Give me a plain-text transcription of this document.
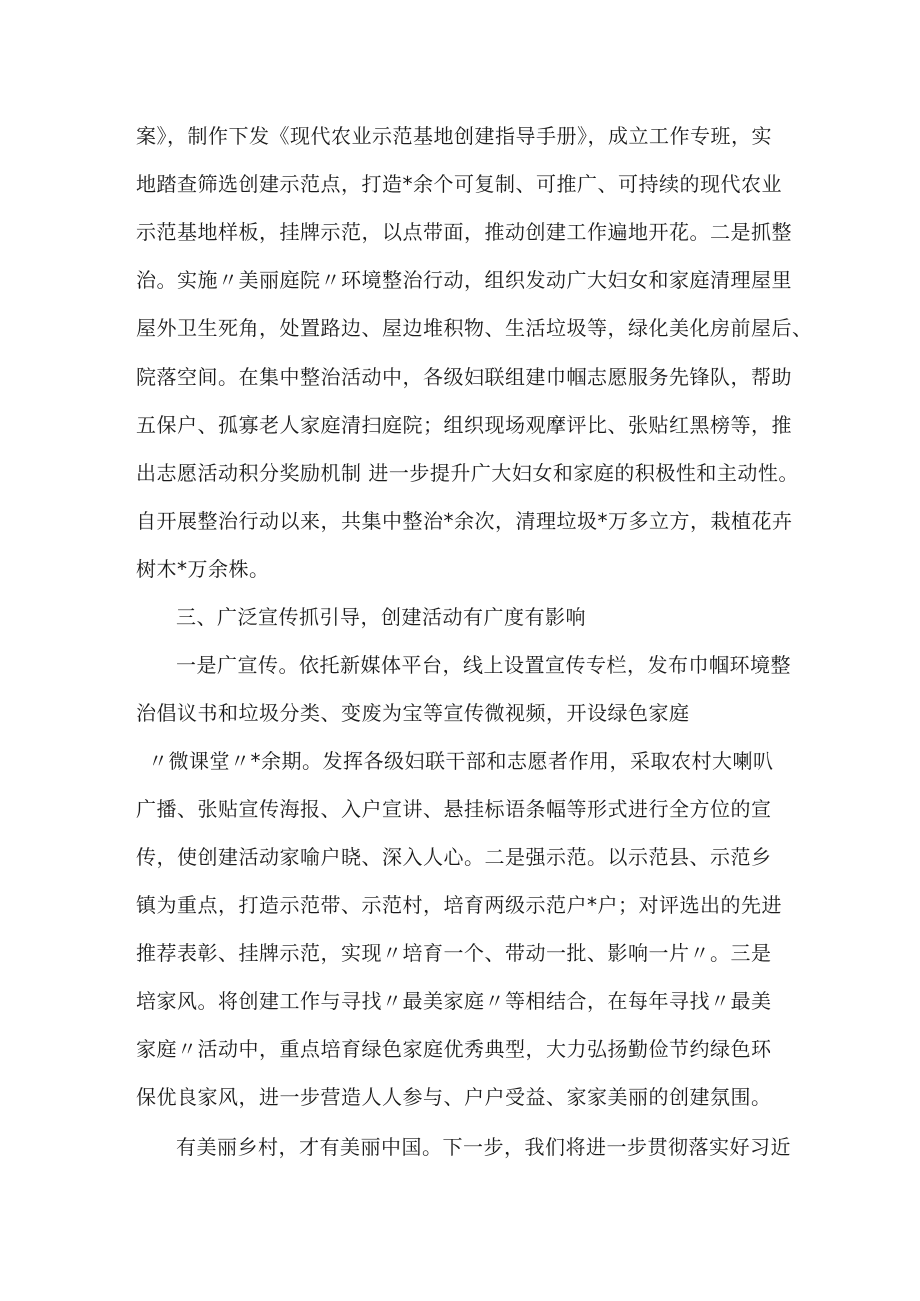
案》，制作下发《现代农业示范基地创建指导手册》，成立工作专班，实
地踏查筛选创建示范点，打造*余个可复制、可推广、可持续的现代农业
示范基地样板，挂牌示范，以点带面，推动创建工作遍地开花。二是抓整
治。实施〃美丽庭院〃环境整治行动，组织发动广大妇女和家庭清理屋里
屋外卫生死角，处置路边、屋边堆积物、生活垃圾等，绿化美化房前屋后、
院落空间。在集中整治活动中，各级妇联组建巾帼志愿服务先锋队，帮助
五保户、孤寡老人家庭清扫庭院；组织现场观摩评比、张贴红黑榜等，推
出志愿活动积分奖励机制 进一步提升广大妇女和家庭的积极性和主动性。
自开展整治行动以来，共集中整治*余次，清理垃圾*万多立方，栽植花卉
树木*万余株。
三、广泛宣传抓引导，创建活动有广度有影响
一是广宣传。依托新媒体平台，线上设置宣传专栏，发布巾帼环境整
治倡议书和垃圾分类、变废为宝等宣传微视频，开设绿色家庭
〃微课堂〃*余期。发挥各级妇联干部和志愿者作用，采取农村大喇叭
广播、张贴宣传海报、入户宣讲、悬挂标语条幅等形式进行全方位的宣
传，使创建活动家喻户晓、深入人心。二是强示范。以示范县、示范乡
镇为重点，打造示范带、示范村，培育两级示范户*户；对评选出的先进
推荐表彰、挂牌示范，实现〃培育一个、带动一批、影响一片〃。三是
培家风。将创建工作与寻找〃最美家庭〃等相结合，在每年寻找〃最美
家庭〃活动中，重点培育绿色家庭优秀典型，大力弘扬勤俭节约绿色环
保优良家风，进一步营造人人参与、户户受益、家家美丽的创建氛围。
有美丽乡村，才有美丽中国。下一步，我们将进一步贯彻落实好习近
